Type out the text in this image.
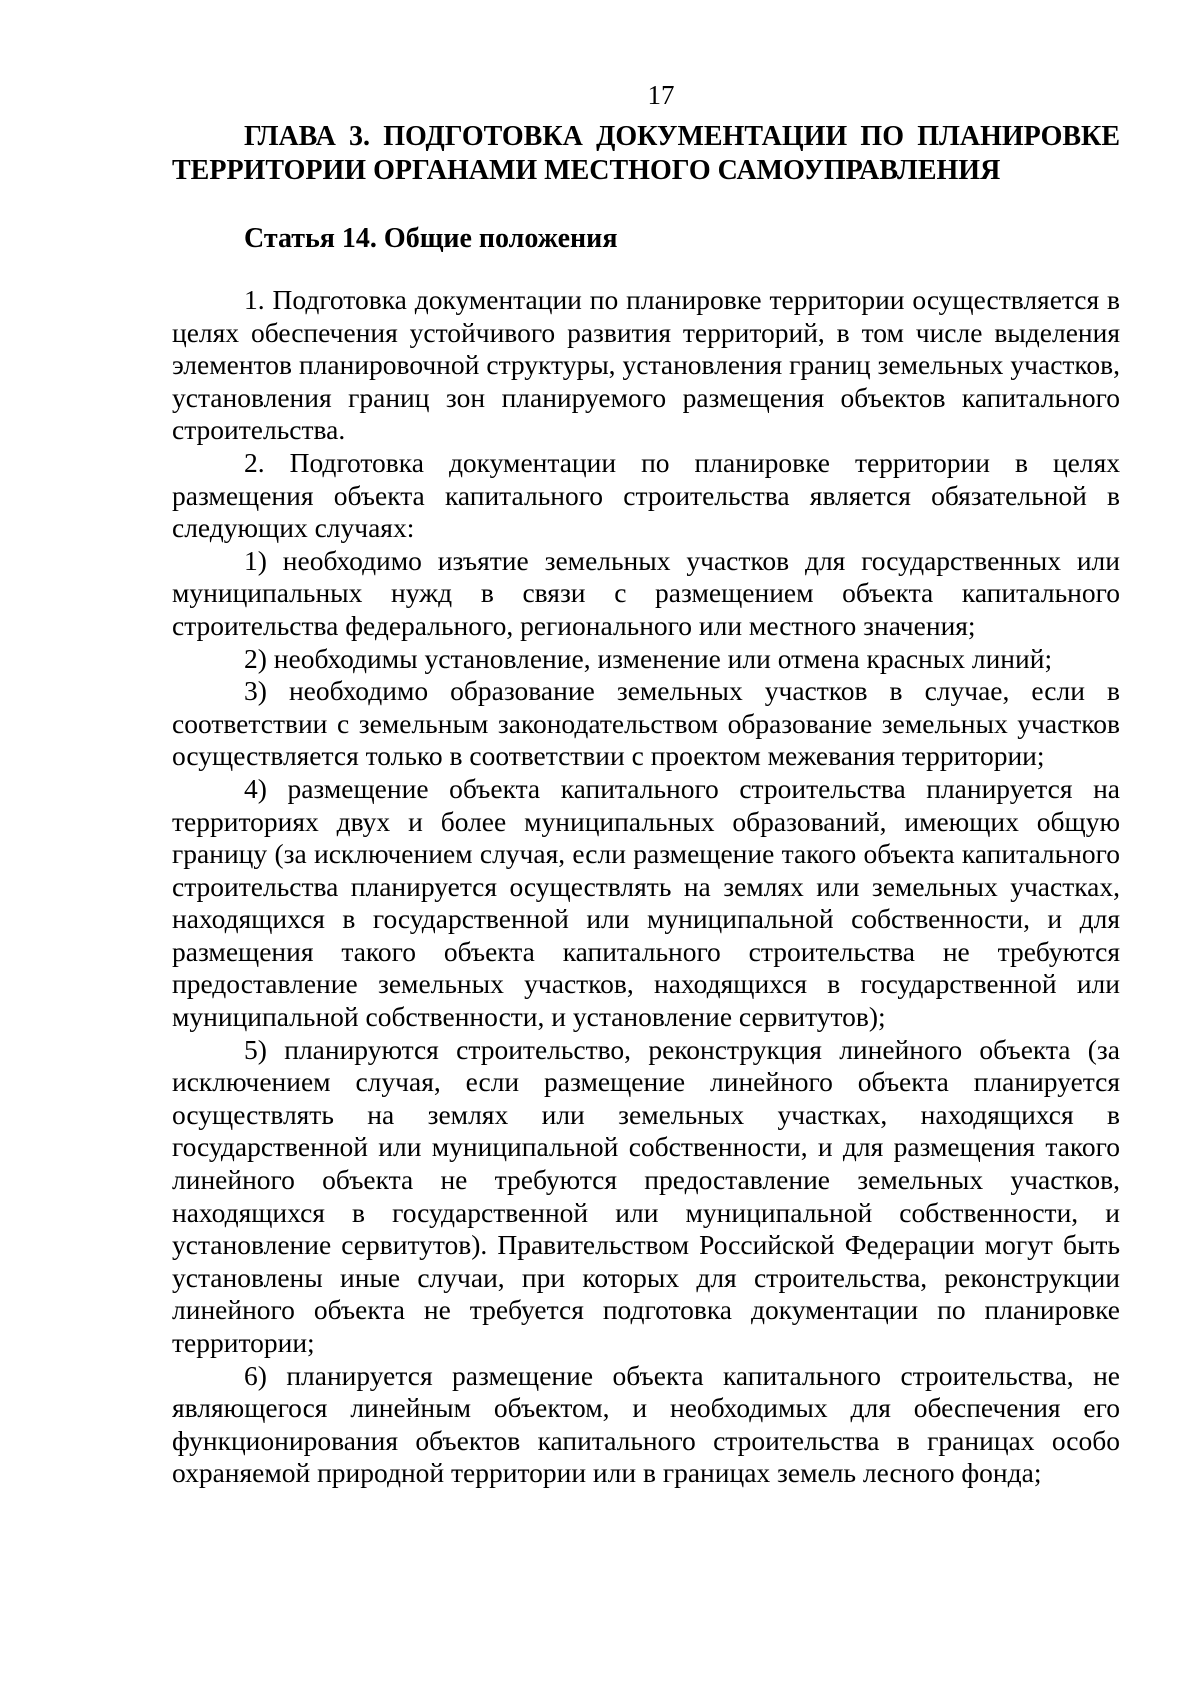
17
ГЛАВА 3. ПОДГОТОВКА ДОКУМЕНТАЦИИ ПО ПЛАНИРОВКЕ ТЕРРИТОРИИ ОРГАНАМИ МЕСТНОГО САМОУПРАВЛЕНИЯ
Статья 14. Общие положения

1. Подготовка документации по планировке территории осуществляется в целях обеспечения устойчивого развития территорий, в том числе выделения элементов планировочной структуры, установления границ земельных участков, установления границ зон планируемого размещения объектов капитального строительства.

2. Подготовка документации по планировке территории в целях размещения объекта капитального строительства является обязательной в следующих случаях:

1) необходимо изъятие земельных участков для государственных или муниципальных нужд в связи с размещением объекта капитального строительства федерального, регионального или местного значения;

2) необходимы установление, изменение или отмена красных линий;

3) необходимо образование земельных участков в случае, если в соответствии с земельным законодательством образование земельных участков осуществляется только в соответствии с проектом межевания территории;

4) размещение объекта капитального строительства планируется на территориях двух и более муниципальных образований, имеющих общую границу (за исключением случая, если размещение такого объекта капитального строительства планируется осуществлять на землях или земельных участках, находящихся в государственной или муниципальной собственности, и для размещения такого объекта капитального строительства не требуются предоставление земельных участков, находящихся в государственной или муниципальной собственности, и установление сервитутов);

5) планируются строительство, реконструкция линейного объекта (за исключением случая, если размещение линейного объекта планируется осуществлять на землях или земельных участках, находящихся в государственной или муниципальной собственности, и для размещения такого линейного объекта не требуются предоставление земельных участков, находящихся в государственной или муниципальной собственности, и установление сервитутов). Правительством Российской Федерации могут быть установлены иные случаи, при которых для строительства, реконструкции линейного объекта не требуется подготовка документации по планировке территории;

6) планируется размещение объекта капитального строительства, не являющегося линейным объектом, и необходимых для обеспечения его функционирования объектов капитального строительства в границах особо охраняемой природной территории или в границах земель лесного фонда;
